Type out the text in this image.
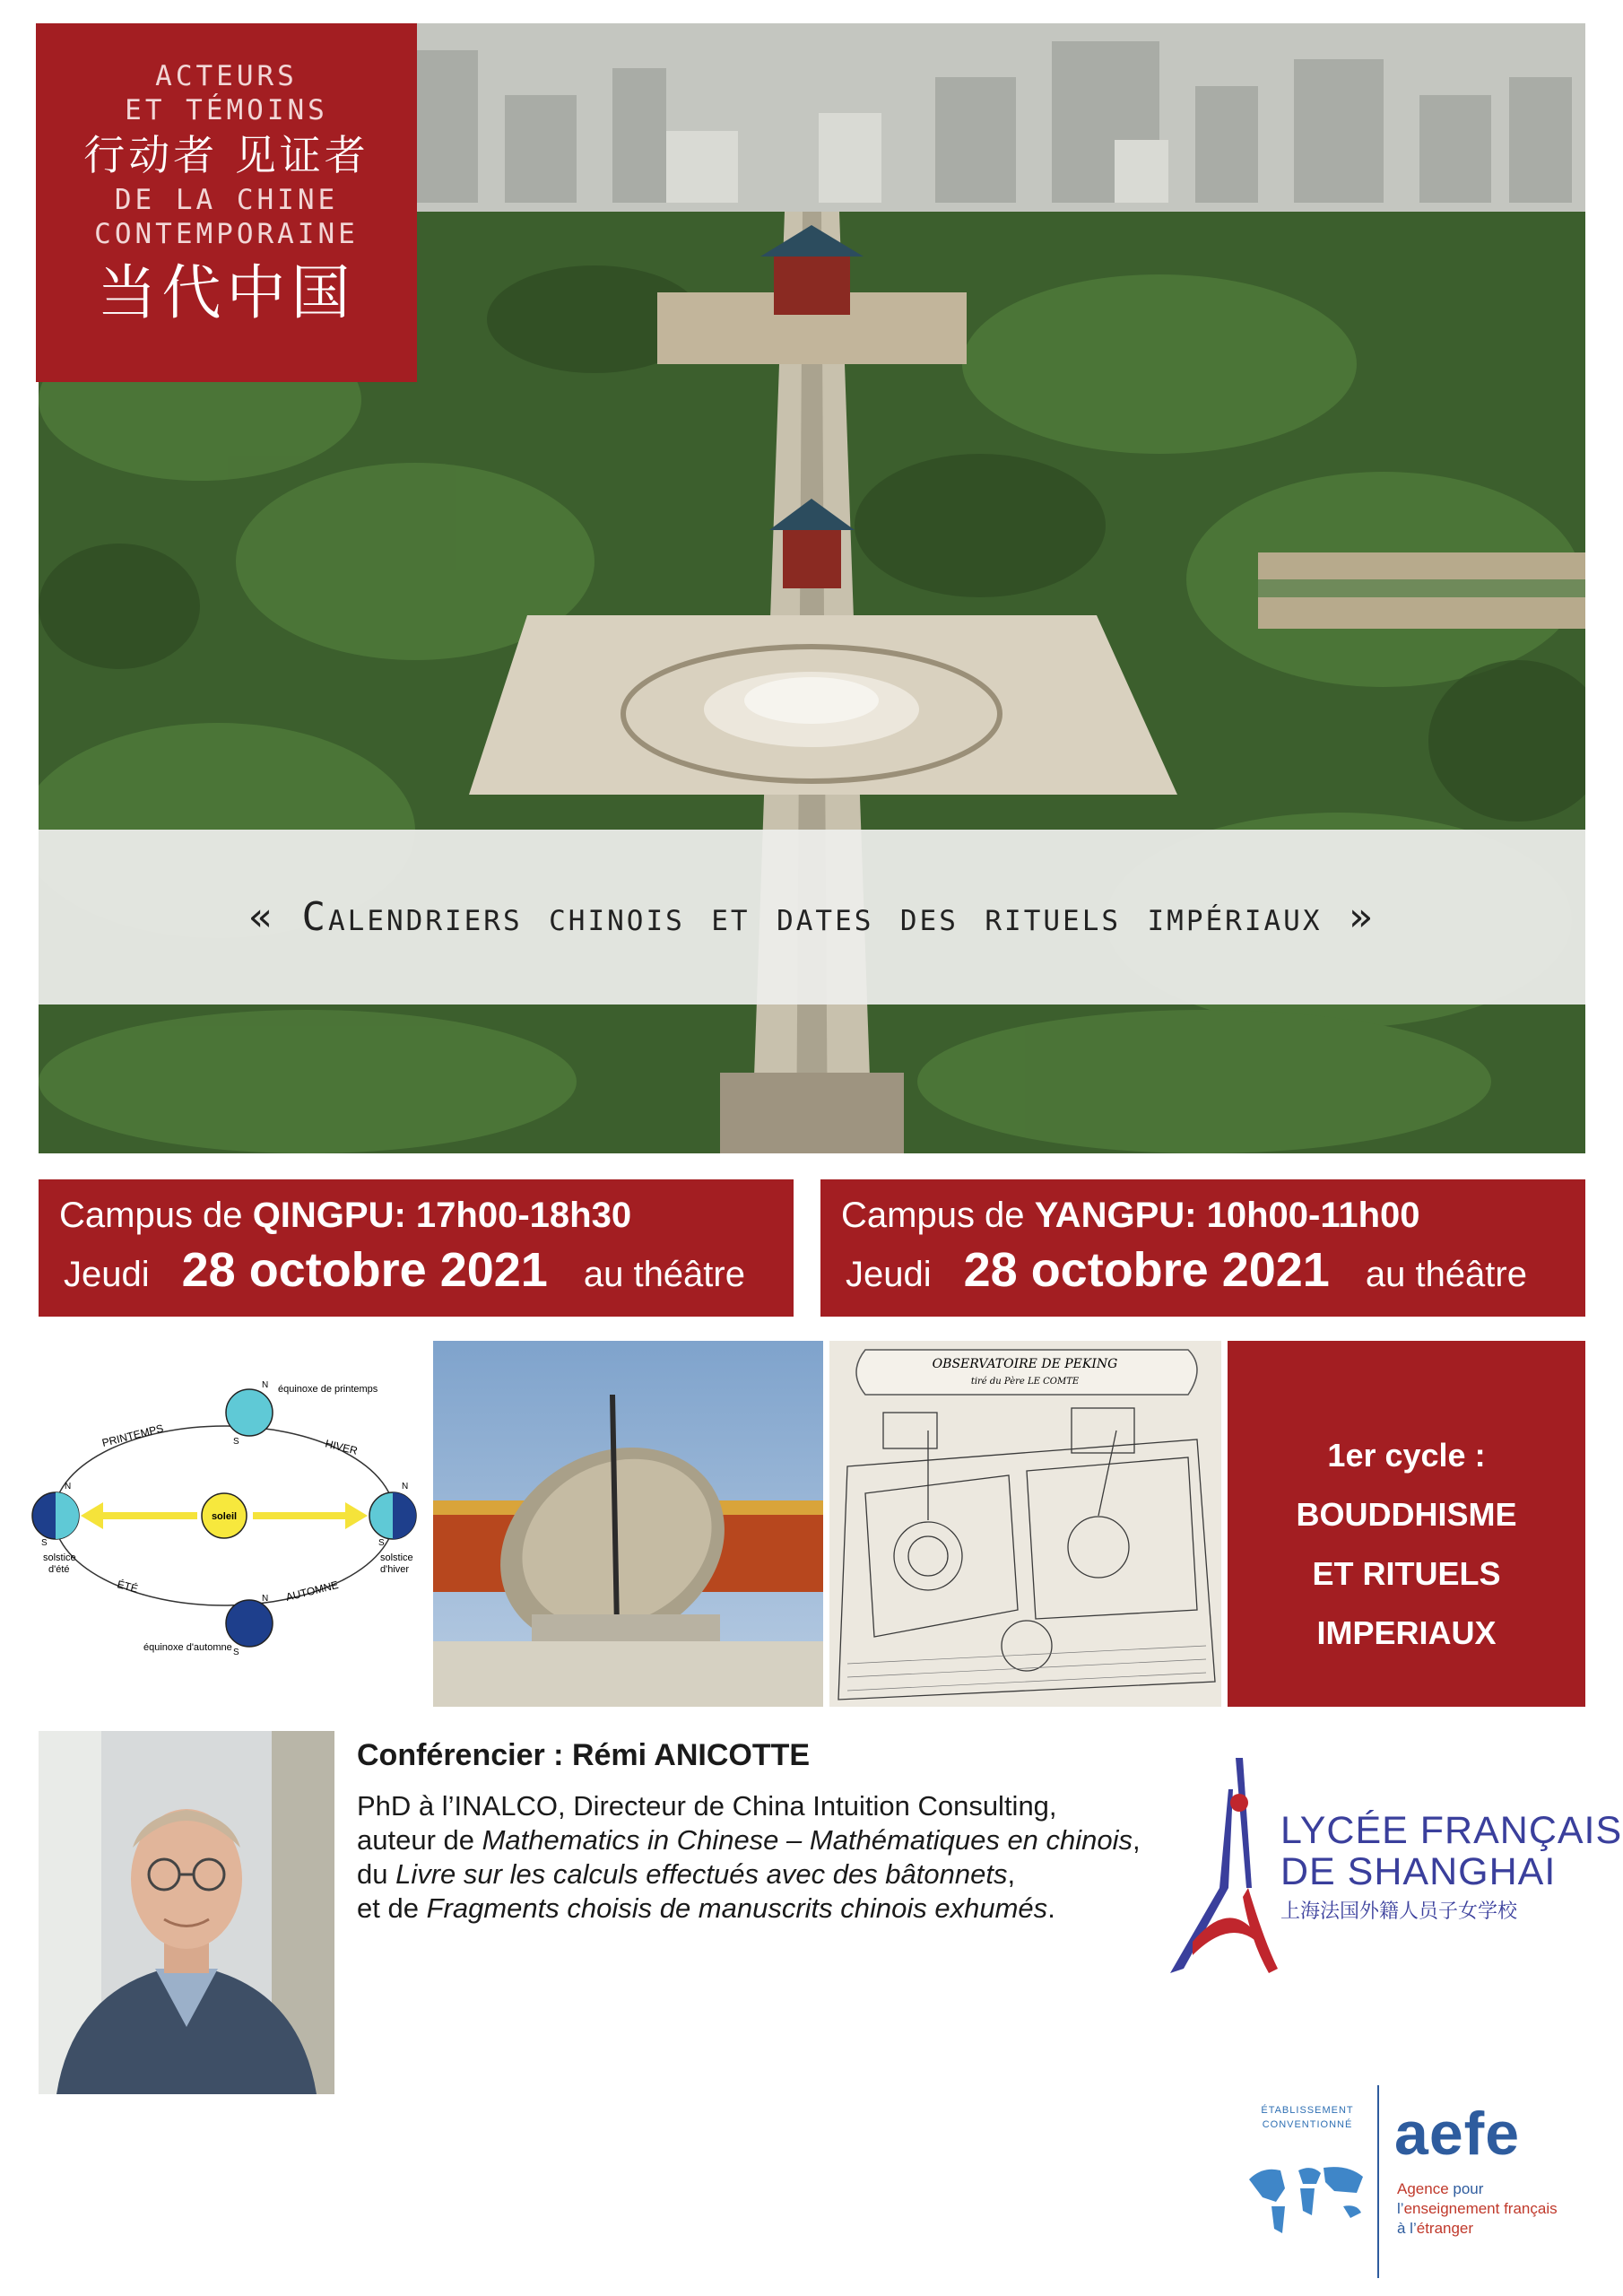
ACTEURS
ET TÉMOINS
行动者 见证者
DE LA CHINE
CONTEMPORAINE
当代中国
« Calendriers chinois et dates des rituels impériaux »
Campus de QINGPU: 17h00-18h30
Jeudi 28 octobre 2021 au théâtre
Campus de YANGPU: 10h00-11h00
Jeudi 28 octobre 2021 au théâtre
soleil
PRINTEMPS	HIVER
ÉTÉ	AUTOMNE
équinoxe de printemps
équinoxe d'automne
solstice
d'été
solstice
d'hiver
N
S
N
S
N
S
N
S
OBSERVATOIRE DE PEKING
tiré du Père LE COMTE
1er cycle :
BOUDDHISME
ET RITUELS
IMPERIAUX
Conférencier : Rémi ANICOTTE
PhD à l’INALCO, Directeur de China Intuition Consulting,
auteur de Mathematics in Chinese – Mathématiques en chinois,
du Livre sur les calculs effectués avec des bâtonnets,
et de Fragments choisis de manuscrits chinois exhumés.
LYCÉE FRANÇAIS
DE SHANGHAI
上海法国外籍人员子女学校
ÉTABLISSEMENT
CONVENTIONNÉ aefe
Agence pour
l’enseignement français
à l’étranger
